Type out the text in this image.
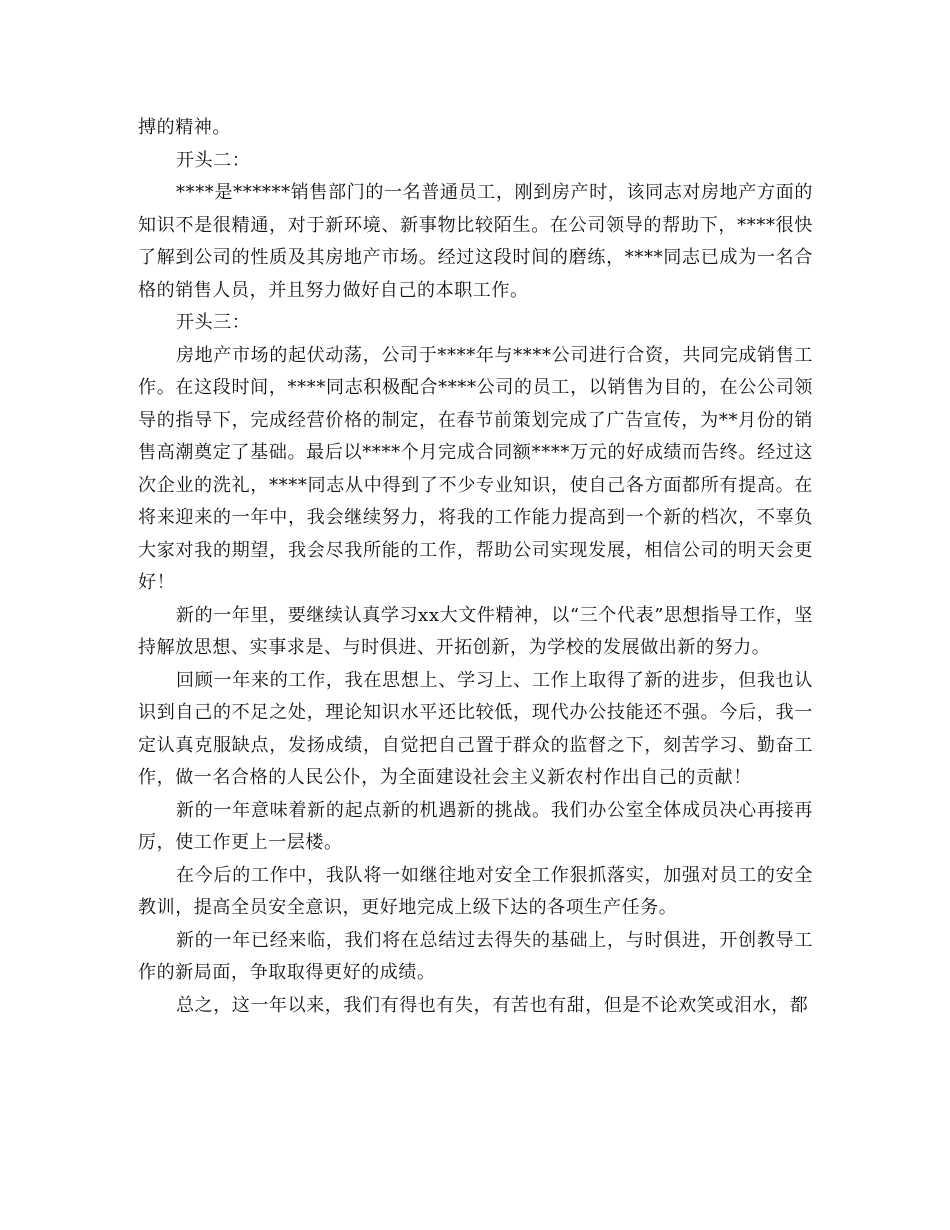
搏的精神。

开头二：

****是******销售部门的一名普通员工，刚到房产时，该同志对房地产方面的知识不是很精通，对于新环境、新事物比较陌生。在公司领导的帮助下，****很快了解到公司的性质及其房地产市场。经过这段时间的磨练，****同志已成为一名合格的销售人员，并且努力做好自己的本职工作。

开头三：

房地产市场的起伏动荡，公司于****年与****公司进行合资，共同完成销售工作。在这段时间，****同志积极配合****公司的员工，以销售为目的，在公公司领导的指导下，完成经营价格的制定，在春节前策划完成了广告宣传，为**月份的销售高潮奠定了基础。最后以****个月完成合同额****万元的好成绩而告终。经过这次企业的洗礼，****同志从中得到了不少专业知识，使自己各方面都所有提高。在将来迎来的一年中，我会继续努力，将我的工作能力提高到一个新的档次，不辜负大家对我的期望，我会尽我所能的工作，帮助公司实现发展，相信公司的明天会更好！

新的一年里，要继续认真学习xx大文件精神，以“三个代表”思想指导工作，坚持解放思想、实事求是、与时俱进、开拓创新，为学校的发展做出新的努力。

回顾一年来的工作，我在思想上、学习上、工作上取得了新的进步，但我也认识到自己的不足之处，理论知识水平还比较低，现代办公技能还不强。今后，我一定认真克服缺点，发扬成绩，自觉把自己置于群众的监督之下，刻苦学习、勤奋工作，做一名合格的人民公仆，为全面建设社会主义新农村作出自己的贡献！

新的一年意味着新的起点新的机遇新的挑战。我们办公室全体成员决心再接再厉，使工作更上一层楼。

在今后的工作中，我队将一如继往地对安全工作狠抓落实，加强对员工的安全教训，提高全员安全意识，更好地完成上级下达的各项生产任务。

新的一年已经来临，我们将在总结过去得失的基础上，与时俱进，开创教导工作的新局面，争取取得更好的成绩。

总之，这一年以来，我们有得也有失，有苦也有甜，但是不论欢笑或泪水，都
